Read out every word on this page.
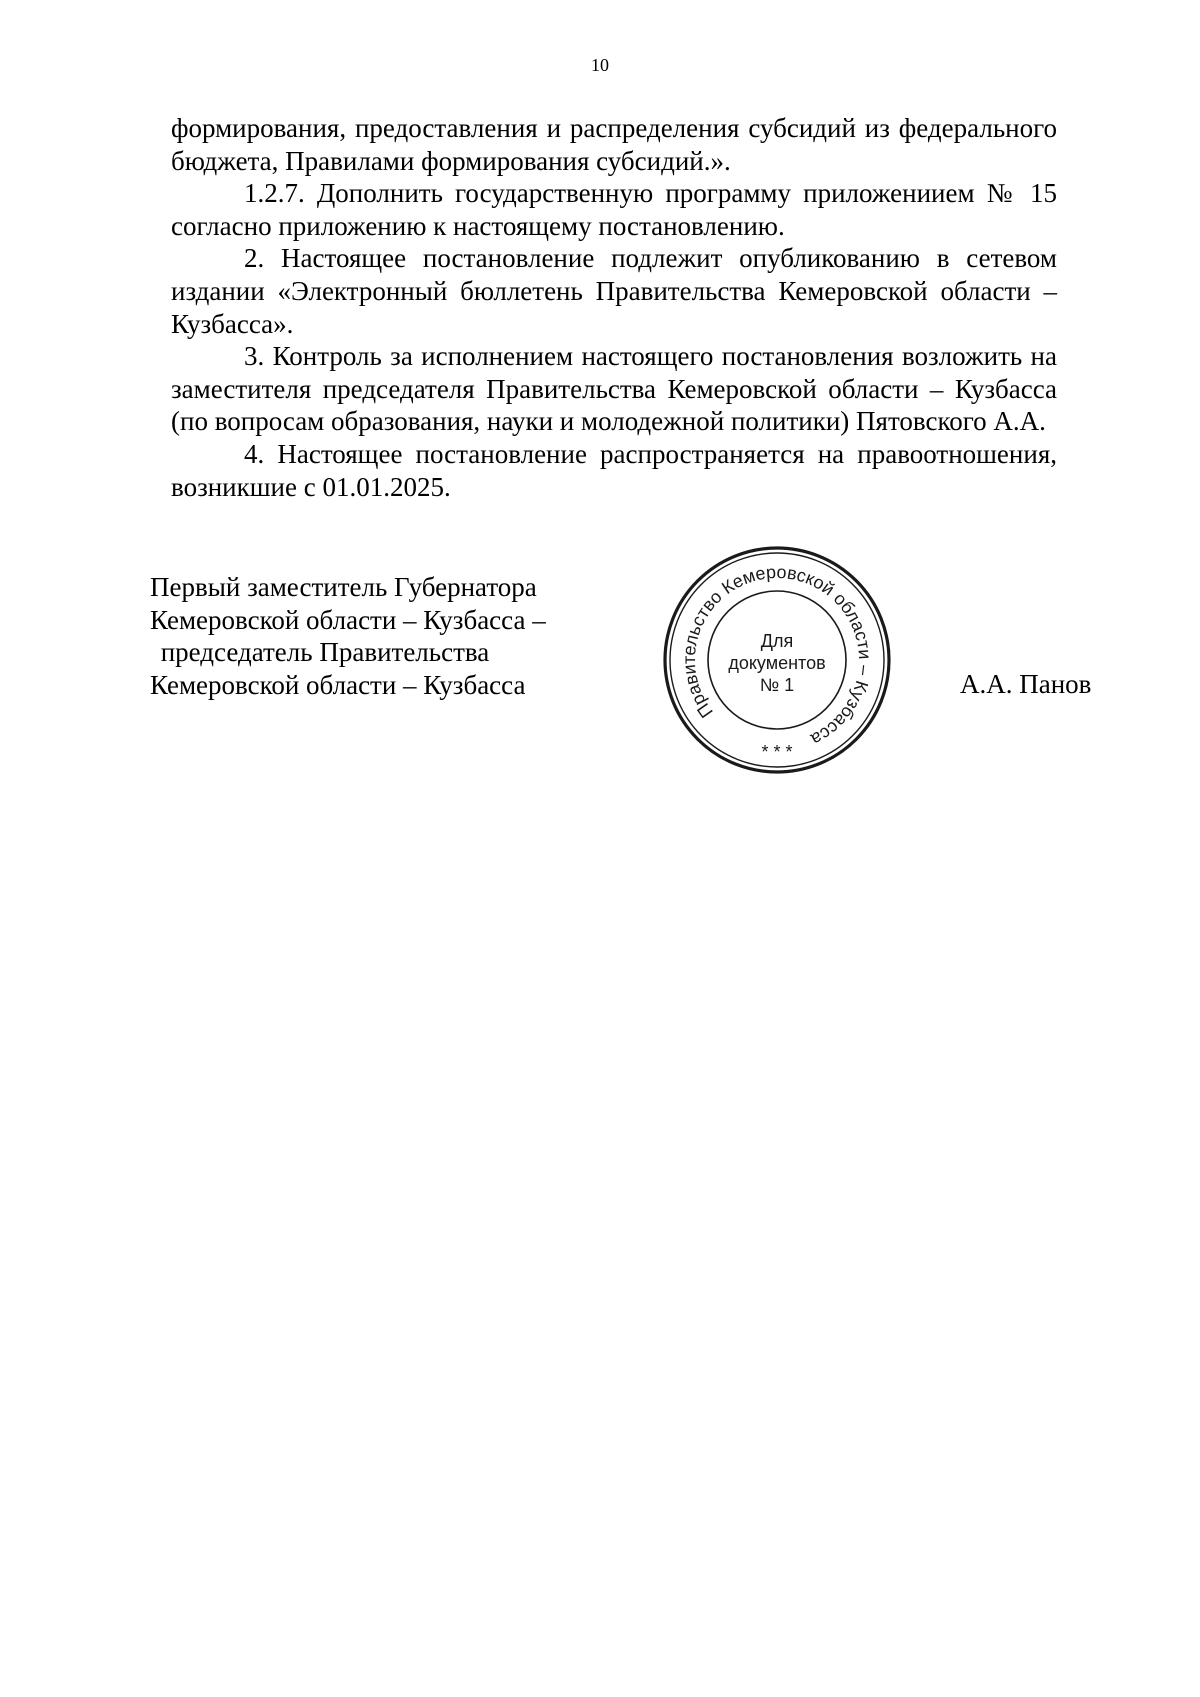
10

формирования, предоставления и распределения субсидий из федерального бюджета, Правилами формирования субсидий.».

1.2.7. Дополнить государственную программу приложениием № 15 согласно приложению к настоящему постановлению.

2. Настоящее постановление подлежит опубликованию в сетевом издании «Электронный бюллетень Правительства Кемеровской области – Кузбасса».

3. Контроль за исполнением настоящего постановления возложить на заместителя председателя Правительства Кемеровской области – Кузбасса (по вопросам образования, науки и молодежной политики) Пятовского А.А.

4. Настоящее постановление распространяется на правоотношения, возникшие с 01.01.2025.

Первый заместитель Губернатора
Кемеровской области – Кузбасса –
председатель Правительства
Кемеровской области – Кузбасса
Правительство Кемеровской области – Кузбасса
* * *
Для
документов
№ 1	А.А. Панов
